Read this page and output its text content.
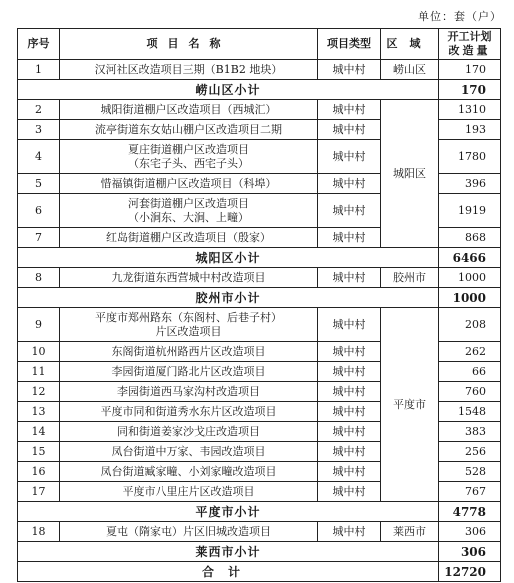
单位：套（户）
序号	项目名称	项目类型	区域	开工计划
改造量

1	汉河社区改造项目三期（B1B2 地块）	城中村	崂山区	170
崂山区小计				170
2	城阳街道棚户区改造项目（西城汇）	城中村	城阳区	1310
3	流亭街道东女姑山棚户区改造项目二期	城中村		193
4	夏庄街道棚户区改造项目
（东宅子头、西宅子头）	城中村		1780
5	惜福镇街道棚户区改造项目（科埠）	城中村		396
6	河套街道棚户区改造项目
（小涧东、大涧、上疃）	城中村		1919
7	红岛街道棚户区改造项目（殷家）	城中村		868
城阳区小计				6466
8	九龙街道东西营城中村改造项目	城中村	胶州市	1000
胶州市小计				1000
9	平度市郑州路东（东阁村、后巷子村）
片区改造项目	城中村	平度市	208
10	东阁街道杭州路西片区改造项目	城中村		262
11	李园街道厦门路北片区改造项目	城中村		66
12	李园街道西马家沟村改造项目	城中村		760
13	平度市同和街道秀水东片区改造项目	城中村		1548
14	同和街道姜家沙戈庄改造项目	城中村		383
15	凤台街道中万家、韦园改造项目	城中村		256
16	凤台街道臧家疃、小刘家疃改造项目	城中村		528
17	平度市八里庄片区改造项目	城中村		767
平度市小计				4778
18	夏屯（隋家屯）片区旧城改造项目	城中村	莱西市	306
莱西市小计				306
合计				12720
